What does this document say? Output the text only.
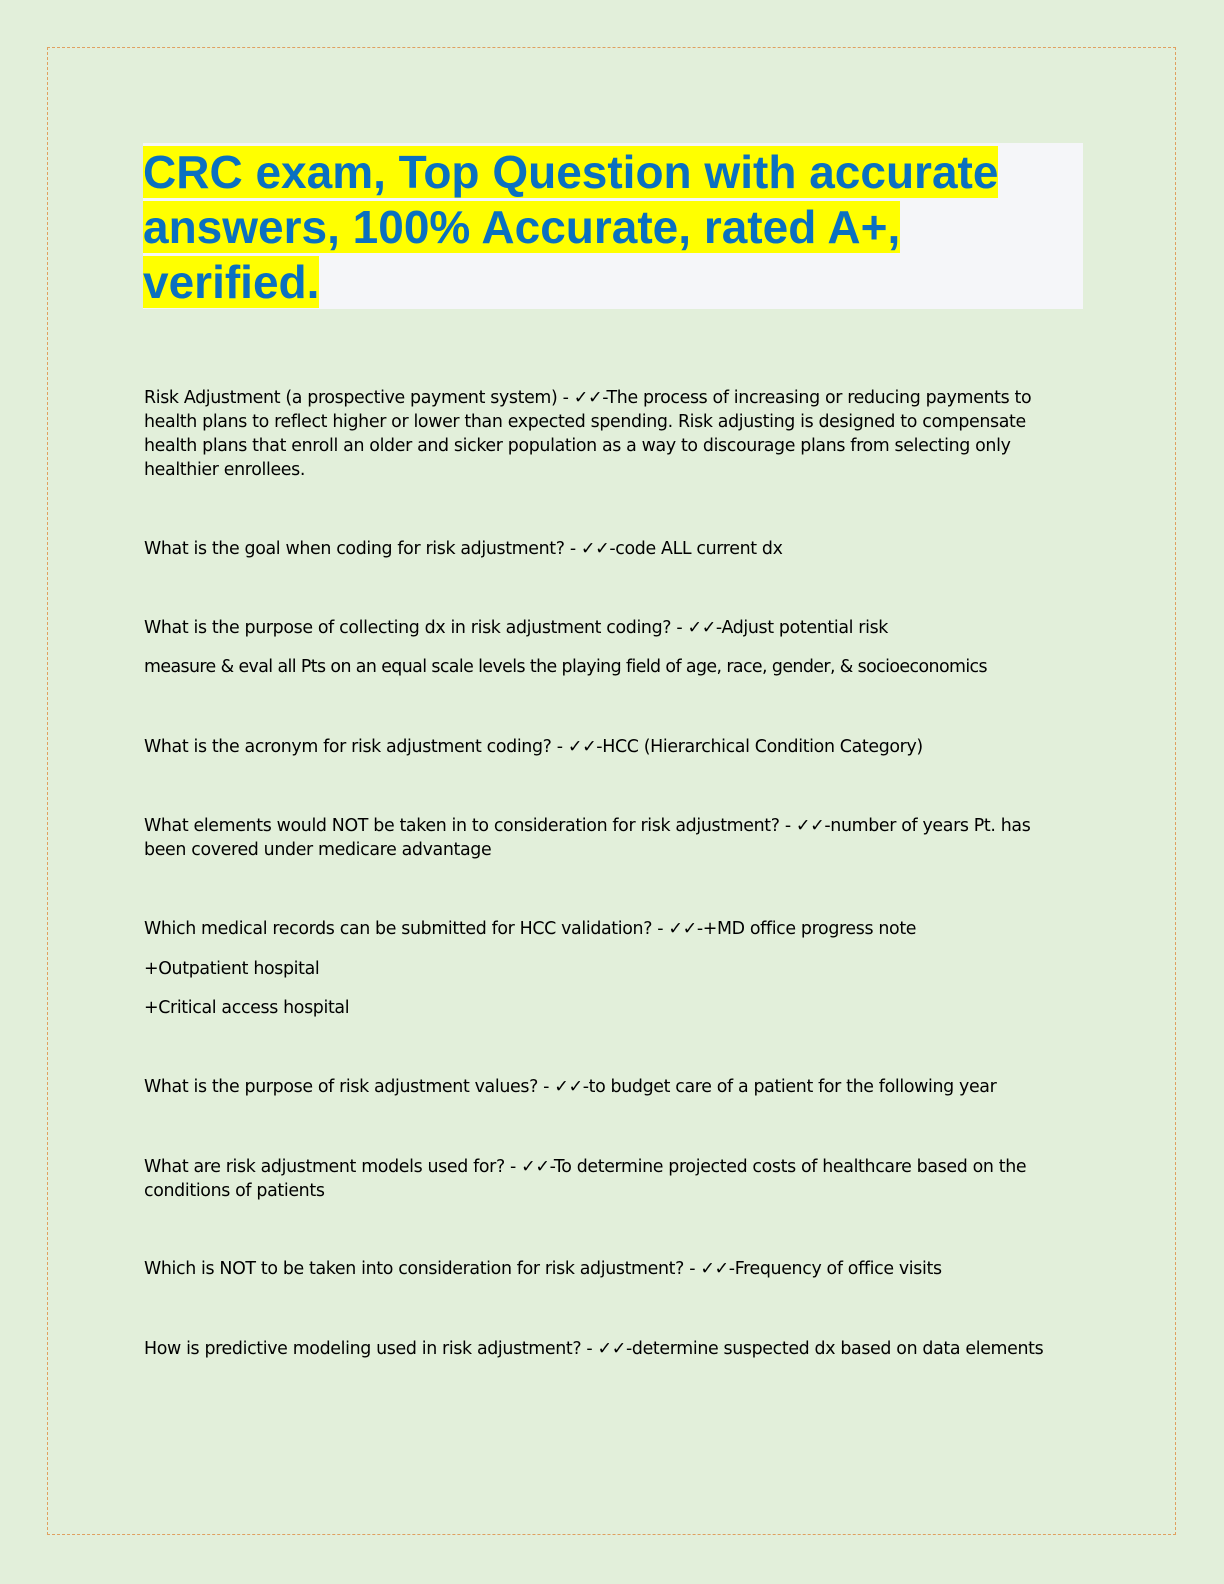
CRC exam, Top Question with accurate answers, 100% Accurate, rated A+, verified.

Risk Adjustment (a prospective payment system) - ✓✓-The process of increasing or reducing payments to health plans to reflect higher or lower than expected spending. Risk adjusting is designed to compensate health plans that enroll an older and sicker population as a way to discourage plans from selecting only healthier enrollees.

What is the goal when coding for risk adjustment? - ✓✓-code ALL current dx

What is the purpose of collecting dx in risk adjustment coding? - ✓✓-Adjust potential risk

measure & eval all Pts on an equal scale levels the playing field of age, race, gender, & socioeconomics

What is the acronym for risk adjustment coding? - ✓✓-HCC (Hierarchical Condition Category)

What elements would NOT be taken in to consideration for risk adjustment? - ✓✓-number of years Pt. has been covered under medicare advantage

Which medical records can be submitted for HCC validation? - ✓✓-+MD office progress note

+Outpatient hospital

+Critical access hospital

What is the purpose of risk adjustment values? - ✓✓-to budget care of a patient for the following year

What are risk adjustment models used for? - ✓✓-To determine projected costs of healthcare based on the conditions of patients

Which is NOT to be taken into consideration for risk adjustment? - ✓✓-Frequency of office visits

How is predictive modeling used in risk adjustment? - ✓✓-determine suspected dx based on data elements
